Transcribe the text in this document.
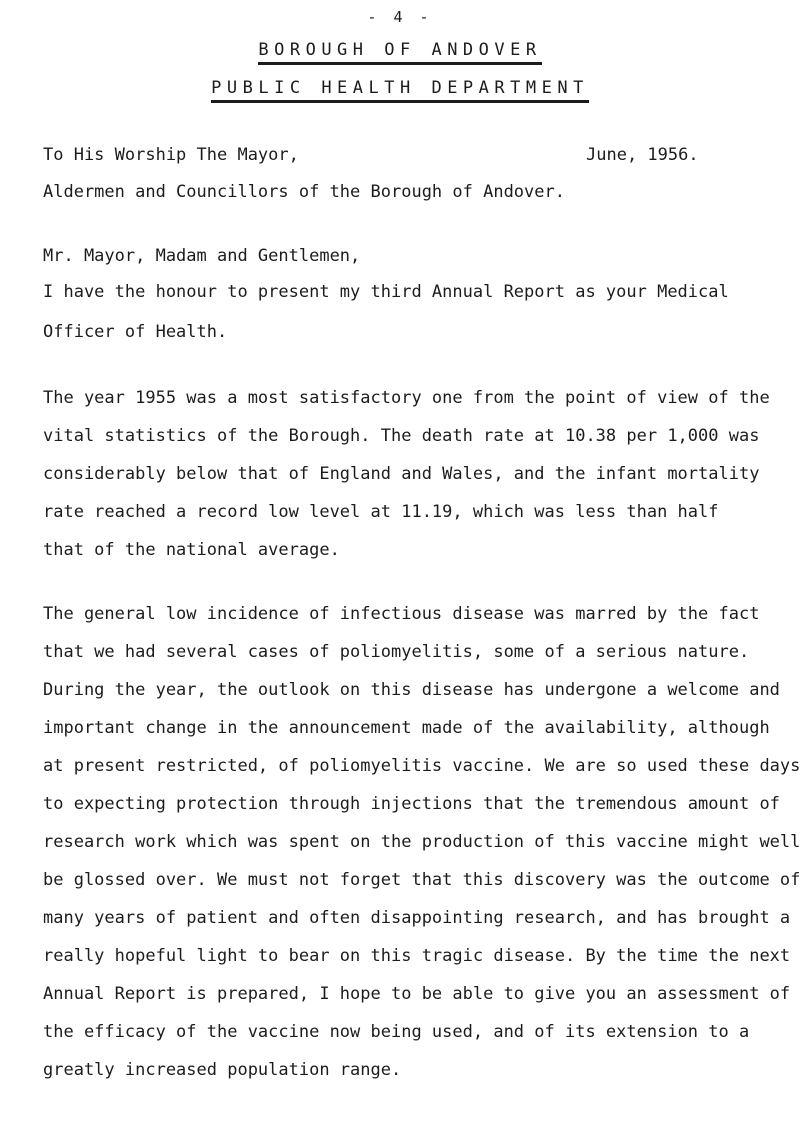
- 4 -
BOROUGH OF ANDOVER
PUBLIC HEALTH DEPARTMENT
To His Worship The Mayor,	June, 1956.
Aldermen and Councillors of the Borough of Andover.
Mr. Mayor, Madam and Gentlemen,
I have the honour to present my third Annual Report as your Medical
Officer of Health.
The year 1955 was a most satisfactory one from the point of view of the
vital statistics of the Borough. The death rate at 10.38 per 1,000 was
considerably below that of England and Wales, and the infant mortality
rate reached a record low level at 11.19, which was less than half
that of the national average.
The general low incidence of infectious disease was marred by the fact
that we had several cases of poliomyelitis, some of a serious nature.
During the year, the outlook on this disease has undergone a welcome and
important change in the announcement made of the availability, although
at present restricted, of poliomyelitis vaccine. We are so used these days
to expecting protection through injections that the tremendous amount of
research work which was spent on the production of this vaccine might well
be glossed over. We must not forget that this discovery was the outcome of
many years of patient and often disappointing research, and has brought a
really hopeful light to bear on this tragic disease. By the time the next
Annual Report is prepared, I hope to be able to give you an assessment of
the efficacy of the vaccine now being used, and of its extension to a
greatly increased population range.
